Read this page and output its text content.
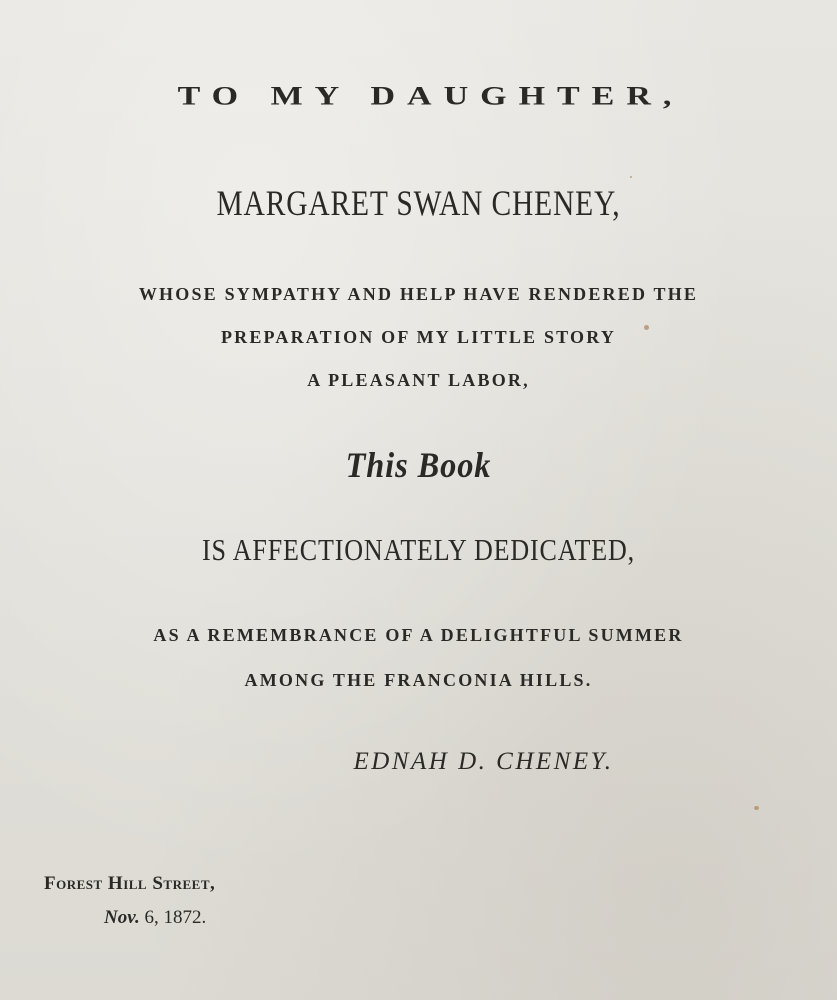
TO MY DAUGHTER,

MARGARET SWAN CHENEY,

WHOSE SYMPATHY AND HELP HAVE RENDERED THE

PREPARATION OF MY LITTLE STORY

A PLEASANT LABOR,

This Book

IS AFFECTIONATELY DEDICATED,

AS A REMEMBRANCE OF A DELIGHTFUL SUMMER

AMONG THE FRANCONIA HILLS.

EDNAH D. CHENEY.

Forest Hill Street,
Nov. 6, 1872.
